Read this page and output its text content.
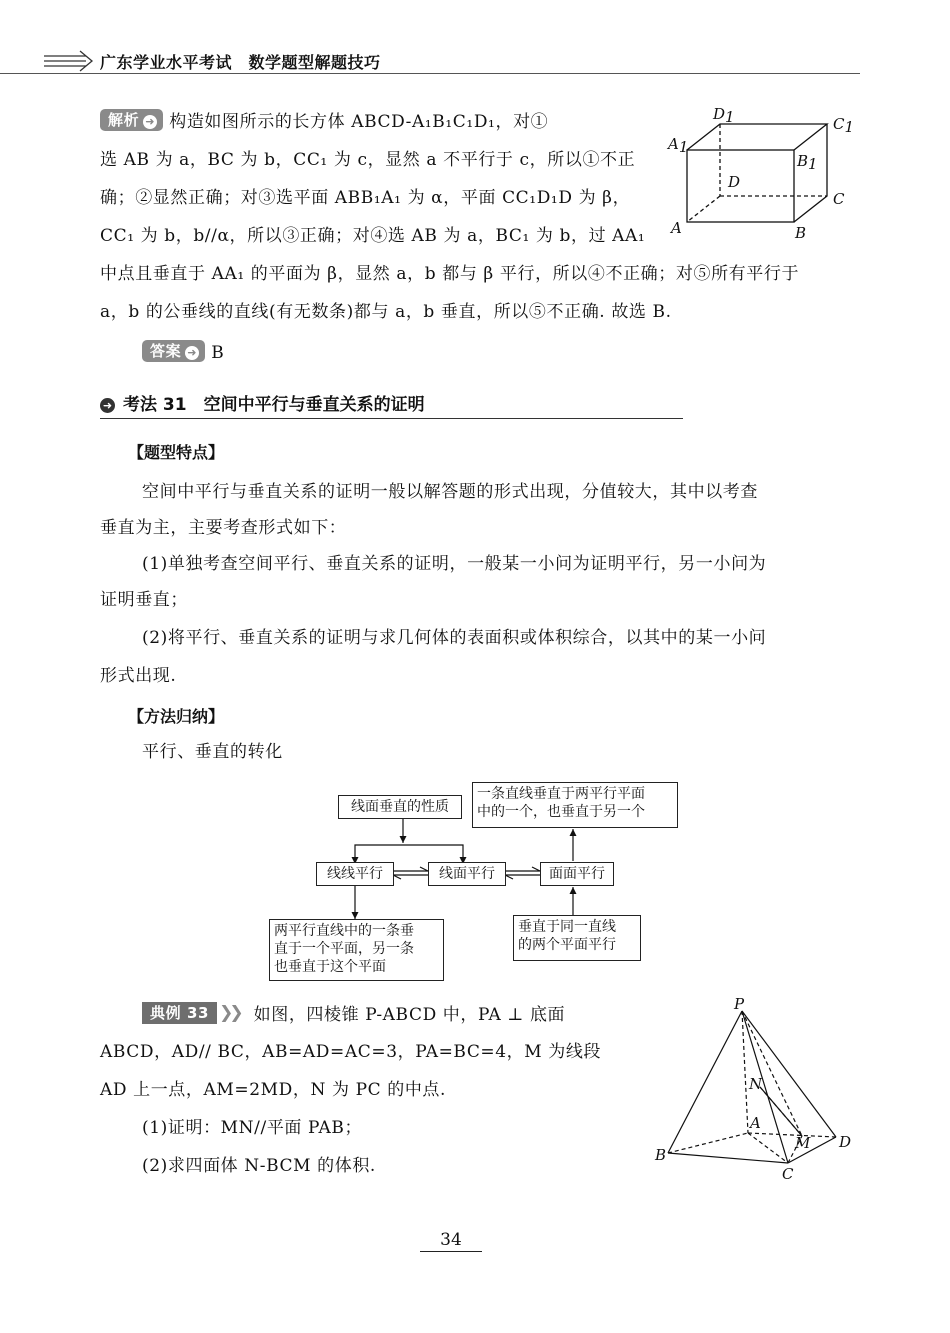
广东学业水平考试　数学题型解题技巧
解析 ➜ 构造如图所示的长方体 ABCD-A₁B₁C₁D₁，对①
选 AB 为 a，BC 为 b，CC₁ 为 c，显然 a 不平行于 c，所以①不正
确；②显然正确；对③选平面 ABB₁A₁ 为 α，平面 CC₁D₁D 为 β，
CC₁ 为 b，b//α，所以③正确；对④选 AB 为 a，BC₁ 为 b，过 AA₁
中点且垂直于 AA₁ 的平面为 β，显然 a，b 都与 β 平行，所以④不正确；对⑤所有平行于
a，b 的公垂线的直线(有无数条)都与 a，b 垂直，所以⑤不正确. 故选 B.
D1	C1
A1
B1
D
C
A	B
答案 ➜ B
➜ 考法 31　空间中平行与垂直关系的证明
【题型特点】
空间中平行与垂直关系的证明一般以解答题的形式出现，分值较大，其中以考查
垂直为主，主要考查形式如下：
(1)单独考查空间平行、垂直关系的证明，一般某一小问为证明平行，另一小问为
证明垂直；
(2)将平行、垂直关系的证明与求几何体的表面积或体积综合，以其中的某一小问
形式出现.
【方法归纳】
平行、垂直的转化
线面垂直的性质
一条直线垂直于两平行平面
中的一个，也垂直于另一个
线线平行	线面平行	面面平行
两平行直线中的一条垂
直于一个平面，另一条
也垂直于这个平面
垂直于同一直线
的两个平面平行
典例 33 ❯❯ 如图，四棱锥 P-ABCD 中，PA ⊥ 底面
ABCD，AD// BC，AB=AD=AC=3，PA=BC=4，M 为线段
AD 上一点，AM=2MD，N 为 PC 的中点.
(1)证明：MN//平面 PAB；
(2)求四面体 N-BCM 的体积.
P
N
A
M D
B
C
34
